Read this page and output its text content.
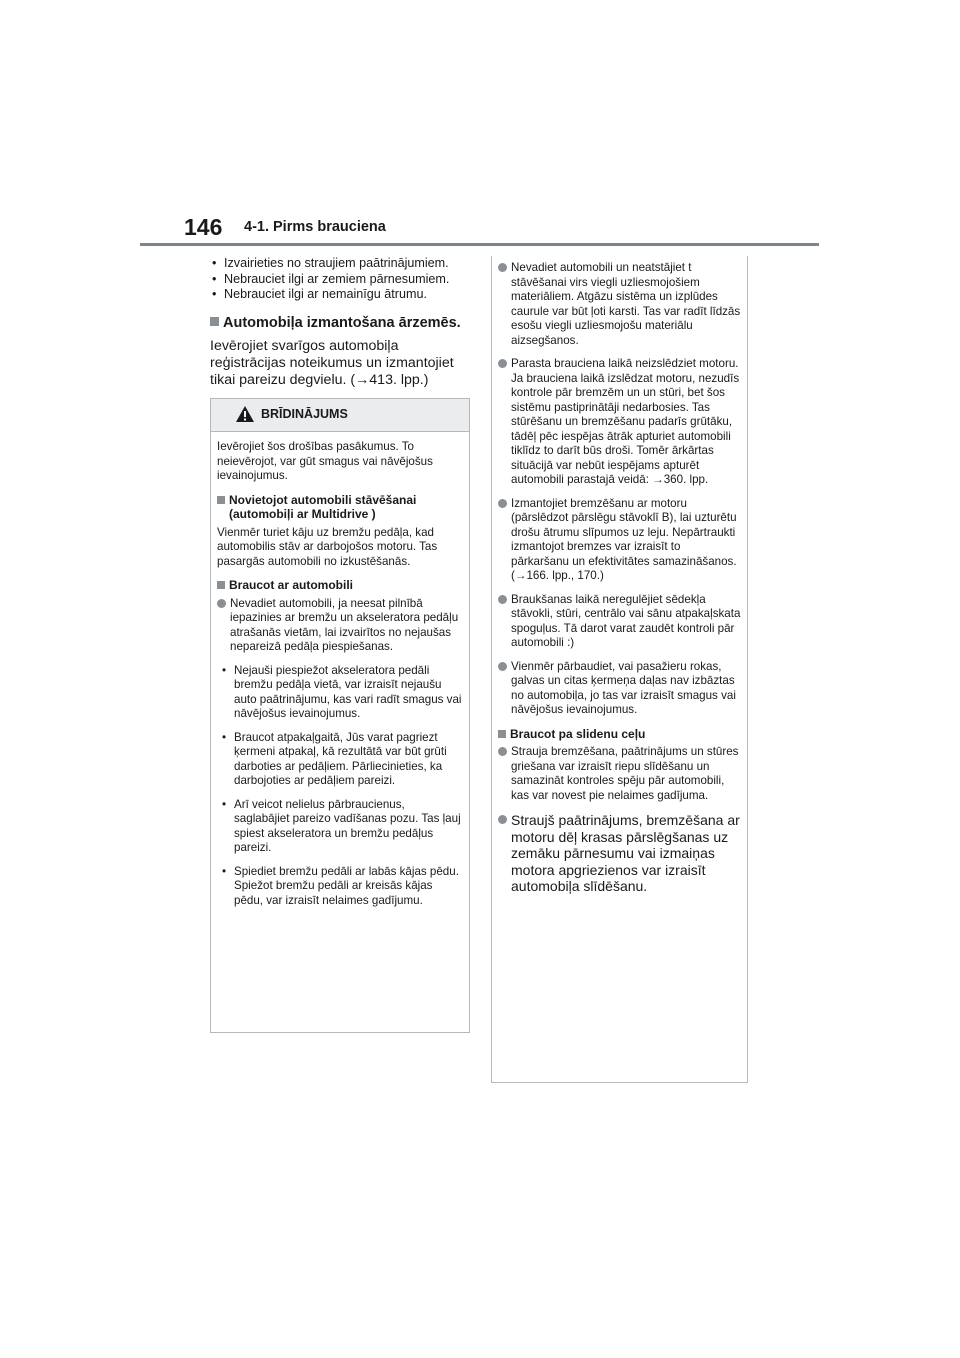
146 4-1. Pirms brauciena
• Izvairieties no straujiem paātrinājumiem.
• Nebrauciet ilgi ar zemiem pārnesumiem.
• Nebrauciet ilgi ar nemainīgu ātrumu.
Automobiļa izmantošana ārzemēs.
Ievērojiet svarīgos automobiļa reģistrācijas noteikumus un izmantojiet tikai pareizu degvielu. (→413. lpp.)
BRĪDINĀJUMS

Ievērojiet šos drošības pasākumus. To neievērojot, var gūt smagus vai nāvējošus ievainojumus.

Novietojot automobili stāvēšanai (automobiļi ar Multidrive )

Vienmēr turiet kāju uz bremžu pedāļa, kad automobilis stāv ar darbojošos motoru. Tas pasargās automobili no izkustēšanās.

Braucot ar automobili
Nevadiet automobili, ja neesat pilnībā iepazinies ar bremžu un akseleratora pedāļu atrašanās vietām, lai izvairītos no nejaušas nepareizā pedāļa piespiešanas.
• Nejauši piespiežot akseleratora pedāli bremžu pedāļa vietā, var izraisīt nejaušu auto paātrinājumu, kas vari radīt smagus vai nāvējošus ievainojumus.
• Braucot atpakaļgaitā, Jūs varat pagriezt ķermeni atpakaļ, kā rezultātā var būt grūti darboties ar pedāļiem. Pārliecinieties, ka darbojoties ar pedāļiem pareizi.
• Arī veicot nelielus pārbraucienus, saglabājiet pareizo vadīšanas pozu. Tas ļauj spiest akseleratora un bremžu pedāļus pareizi.
• Spiediet bremžu pedāli ar labās kājas pēdu. Spiežot bremžu pedāli ar kreisās kājas pēdu, var izraisīt nelaimes gadījumu.
Nevadiet automobili un neatstājiet t stāvēšanai virs viegli uzliesmojošiem materiāliem. Atgāzu sistēma un izplūdes caurule var būt ļoti karsti. Tas var radīt līdzās esošu viegli uzliesmojošu materiālu aizsegšanos.
Parasta brauciena laikā neizslēdziet motoru. Ja brauciena laikā izslēdzat motoru, nezudīs kontrole pār bremzēm un un stūri, bet šos sistēmu pastiprinātāji nedarbosies. Tas stūrēšanu un bremzēšanu padarīs grūtāku, tādēļ pēc iespējas ātrāk apturiet automobili tiklīdz to darīt būs droši. Tomēr ārkārtas situācijā var nebūt iespējams apturēt automobili parastajā veidā: →360. lpp.
Izmantojiet bremzēšanu ar motoru (pārslēdzot pārslēgu stāvoklī B), lai uzturētu drošu ātrumu slīpumos uz leju. Nepārtraukti izmantojot bremzes var izraisīt to pārkaršanu un efektivitātes samazināšanos. (→166. lpp., 170.)
Braukšanas laikā neregulējiet sēdekļa stāvokli, stūri, centrālo vai sānu atpakaļskata spoguļus. Tā darot varat zaudēt kontroli pār automobili :)
Vienmēr pārbaudiet, vai pasažieru rokas, galvas un citas ķermeņa daļas nav izbāztas no automobiļa, jo tas var izraisīt smagus vai nāvējošus ievainojumus.
Braucot pa slidenu ceļu
Strauja bremzēšana, paātrinājums un stūres griešana var izraisīt riepu slīdēšanu un samazināt kontroles spēju pār automobili, kas var novest pie nelaimes gadījuma.
Straujš paātrinājums, bremzēšana ar motoru dēļ krasas pārslēgšanas uz zemāku pārnesumu vai izmaiņas motora apgriezienos var izraisīt automobiļa slīdēšanu.
